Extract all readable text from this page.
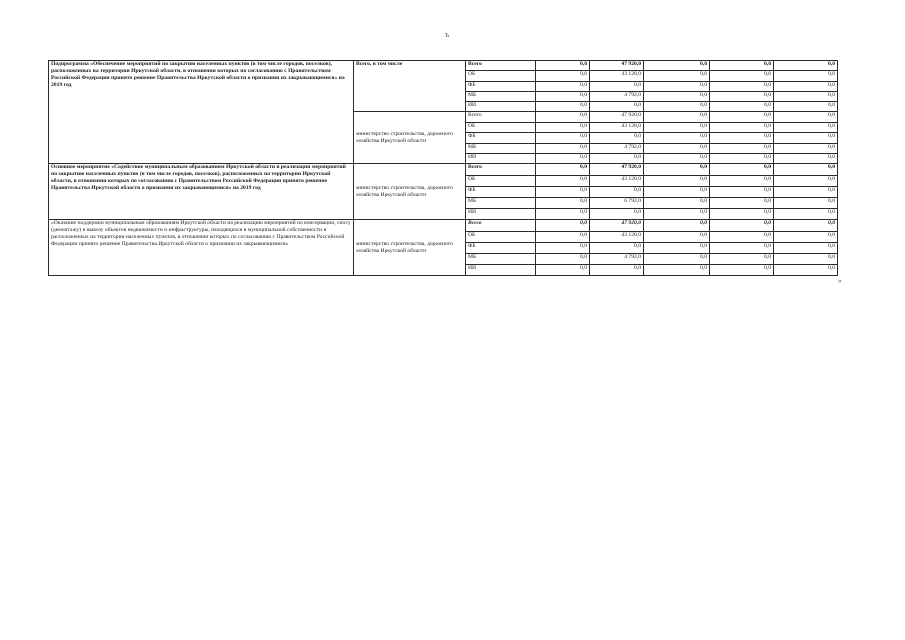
ъ
Подпрограмма «Обеспечение мероприятий по закрытию населенных пунктов (в том числе городов, поселков), расположенных на территории Иркутской области, в отношении которых по согласованию с Правительством Российской Федерации принято решение Правительства Иркутской области о признании их закрывающимися» на 2019 год	Всего, в том числе	Всего	0,0	47 920,0	0,0	0,0	0,0
		ОБ	0,0	43 128,0	0,0	0,0	0,0
		ФБ	0,0	0,0	0,0	0,0	0,0
		МБ	0,0	4 792,0	0,0	0,0	0,0
		ИИ	0,0	0,0	0,0	0,0	0,0
	министерство строительства, дорожного хозяйства Иркутской области	Всего	0,0	47 920,0	0,0	0,0	0,0
		ОБ	0,0	43 128,0	0,0	0,0	0,0
		ФБ	0,0	0,0	0,0	0,0	0,0
		МБ	0,0	4 792,0	0,0	0,0	0,0
		ИИ	0,0	0,0	0,0	0,0	0,0
Основное мероприятие «Содействие муниципальным образованиям Иркутской области в реализации мероприятий по закрытию населенных пунктов (в том числе городов, поселков), расположенных на территории Иркутской области, в отношении которых по согласованию с Правительством Российской Федерации принято решение Правительства Иркутской области о признании их закрывающимися» на 2019 год	министерство строительства, дорожного хозяйства Иркутской области	Всего	0,0	47 920,0	0,0	0,0	0,0
		ОБ	0,0	43 128,0	0,0	0,0	0,0
		ФБ	0,0	0,0	0,0	0,0	0,0
		МБ	0,0	6 792,0	0,0	0,0	0,0
		ИИ	0,0	0,0	0,0	0,0	0,0
«Оказание поддержки муниципальным образованиям Иркутской области на реализацию мероприятий по консервации, сносу (демонтажу) и вывозу объектов недвижимости и инфраструктуры, находящихся в муниципальной собственности и расположенных на территории населенных пунктов, в отношении которых по согласованию с Правительством Российской Федерации принято решение Правительства Иркутской области о признании их закрывающимися»	министерство строительства, дорожного хозяйства Иркутской области	Всего	0,0	47 920,0	0,0	0,0	0,0
		ОБ	0,0	43 128,0	0,0	0,0	0,0
		ФБ	0,0	0,0	0,0	0,0	0,0
		МБ	0,0	4 792,0	0,0	0,0	0,0
		ИИ	0,0	0,0	0,0	0,0	0,0
»
